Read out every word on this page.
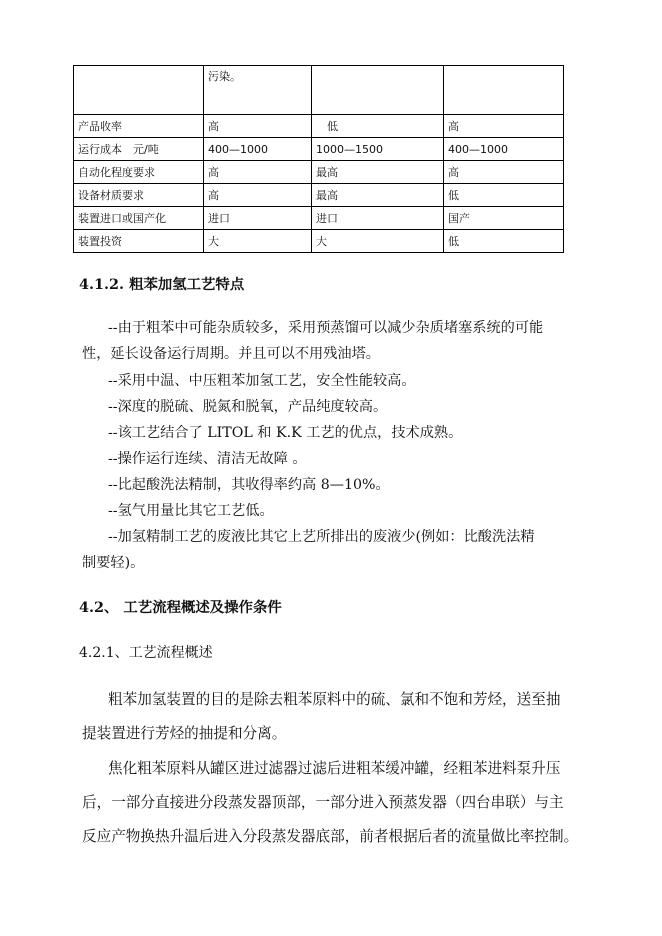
	污染。		
产品收率	高	　低	高
运行成本　元/吨	400—1000	1000—1500	400—1000
自动化程度要求	高	最高	高
设备材质要求	高	最高	低
装置进口或国产化	进口	进口	国产
装置投资	大	大	低
4.1.2. 粗苯加氢工艺特点
--由于粗苯中可能杂质较多，采用预蒸馏可以减少杂质堵塞系统的可能
性，延长设备运行周期。并且可以不用残油塔。
--采用中温、中压粗苯加氢工艺，安全性能较高。
--深度的脱硫、脱氮和脱氧，产品纯度较高。
--该工艺结合了 LITOL 和 K.K 工艺的优点，技术成熟。
--操作运行连续、清洁无故障 。
--比起酸洗法精制，其收得率约高 8—10%。
--氢气用量比其它工艺低。
--加氢精制工艺的废液比其它上艺所排出的废液少(例如：比酸洗法精
制要轻)。
4.2、 工艺流程概述及操作条件
4.2.1、工艺流程概述
粗苯加氢装置的目的是除去粗苯原料中的硫、氯和不饱和芳烃，送至抽
提装置进行芳烃的抽提和分离。
焦化粗苯原料从罐区进过滤器过滤后进粗苯缓冲罐，经粗苯进料泵升压
后，一部分直接进分段蒸发器顶部，一部分进入预蒸发器（四台串联）与主
反应产物换热升温后进入分段蒸发器底部，前者根据后者的流量做比率控制。
